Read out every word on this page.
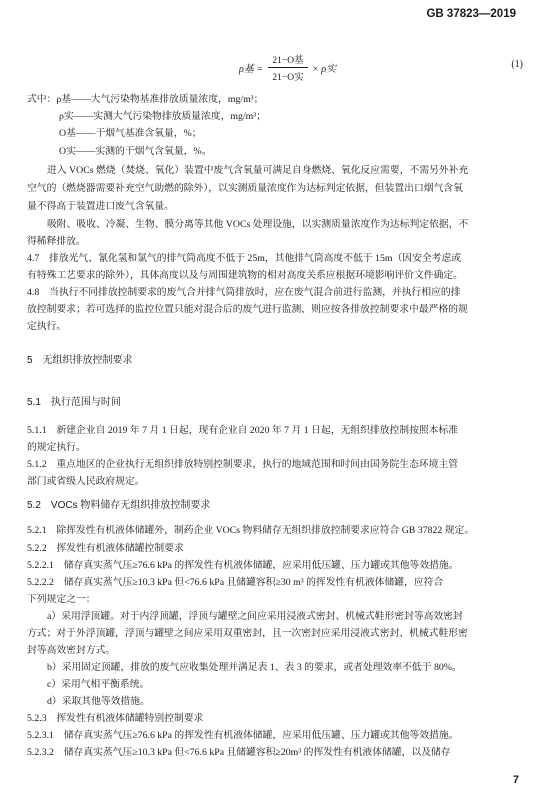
GB 37823—2019
ρ基 =
21−O基
21−O实
× ρ实	(1)
式中：ρ基——大气污染物基准排放质量浓度，mg/m³；
ρ实——实测大气污染物排放质量浓度，mg/m³；
O基——干烟气基准含氧量，%；
O实——实测的干烟气含氧量，%。
进入 VOCs 燃烧（焚烧、氧化）装置中废气含氧量可满足自身燃烧、氧化反应需要，不需另外补充
空气的（燃烧器需要补充空气助燃的除外），以实测质量浓度作为达标判定依据，但装置出口烟气含氧
量不得高于装置进口废气含氧量。
吸附、吸收、冷凝、生物、膜分离等其他 VOCs 处理设施，以实测质量浓度作为达标判定依据，不
得稀释排放。
4.7　排放光气、氰化氢和氯气的排气筒高度不低于 25m，其他排气筒高度不低于 15m（因安全考虑或
有特殊工艺要求的除外），具体高度以及与周围建筑物的相对高度关系应根据环境影响评价文件确定。
4.8　当执行不同排放控制要求的废气合并排气筒排放时，应在废气混合前进行监测，并执行相应的排
放控制要求；若可选择的监控位置只能对混合后的废气进行监测，则应按各排放控制要求中最严格的规
定执行。
5　无组织排放控制要求
5.1　执行范围与时间
5.1.1　新建企业自 2019 年 7 月 1 日起，现有企业自 2020 年 7 月 1 日起，无组织排放控制按照本标准
的规定执行。
5.1.2　重点地区的企业执行无组织排放特别控制要求，执行的地域范围和时间由国务院生态环境主管
部门或省级人民政府规定。
5.2　VOCs 物料储存无组织排放控制要求
5.2.1　除挥发性有机液体储罐外，制药企业 VOCs 物料储存无组织排放控制要求应符合 GB 37822 规定。
5.2.2　挥发性有机液体储罐控制要求
5.2.2.1　储存真实蒸气压≥76.6 kPa 的挥发性有机液体储罐，应采用低压罐、压力罐或其他等效措施。
5.2.2.2　储存真实蒸气压≥10.3 kPa 但<76.6 kPa 且储罐容积≥30 m³ 的挥发性有机液体储罐，应符合
下列规定之一：
a）采用浮顶罐。对于内浮顶罐，浮顶与罐壁之间应采用浸液式密封、机械式鞋形密封等高效密封
方式；对于外浮顶罐，浮顶与罐壁之间应采用双重密封，且一次密封应采用浸液式密封、机械式鞋形密
封等高效密封方式。
b）采用固定顶罐，排放的废气应收集处理并满足表 1、表 3 的要求，或者处理效率不低于 80%。
c）采用气相平衡系统。
d）采取其他等效措施。
5.2.3　挥发性有机液体储罐特别控制要求
5.2.3.1　储存真实蒸气压≥76.6 kPa 的挥发性有机液体储罐，应采用低压罐、压力罐或其他等效措施。
5.2.3.2　储存真实蒸气压≥10.3 kPa 但<76.6 kPa 且储罐容积≥20m³ 的挥发性有机液体储罐，以及储存
7
